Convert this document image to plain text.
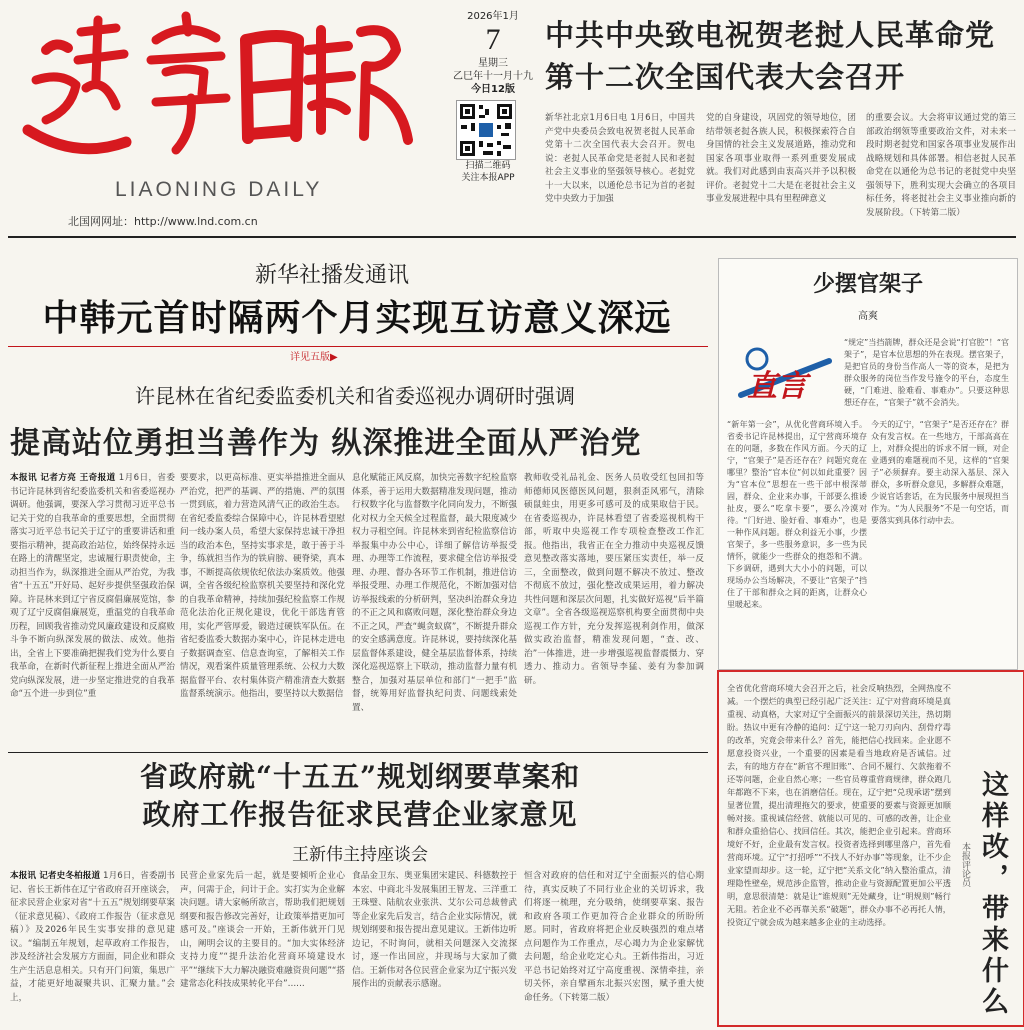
LIAONING DAILY
北国网网址：http://www.lnd.com.cn
2026年1月
7
星期三
乙巳年十一月十九
今日12版
扫描二维码
关注本报APP
中共中央致电祝贺老挝人民革命党
第十二次全国代表大会召开
新华社北京1月6日电 1月6日，中国共产党中央委员会致电祝贺老挝人民革命党第十二次全国代表大会召开。贺电说：老挝人民革命党是老挝人民和老挝社会主义事业的坚强领导核心。老挝党十一大以来，以通伦总书记为首的老挝党中央致力于加强
党的自身建设，巩固党的领导地位，团结带领老挝各族人民，积极探索符合自身国情的社会主义发展道路，推动党和国家各项事业取得一系列重要发展成就。我们对此感到由衷高兴并予以积极评价。老挝党十二大是在老挝社会主义事业发展进程中具有里程碑意义
的重要会议。大会将审议通过党的第三部政治纲领等重要政治文件，对未来一段时期老挝党和国家各项事业发展作出战略规划和具体部署。相信老挝人民革命党在以通伦为总书记的老挝党中央坚强领导下，胜利实现大会确立的各项目标任务，将老挝社会主义事业推向新的发展阶段。（下转第二版）
新华社播发通讯
中韩元首时隔两个月实现互访意义深远
详见五版▶
许昆林在省纪委监委机关和省委巡视办调研时强调
提高站位勇担当善作为 纵深推进全面从严治党
本报讯 记者方亮 王奇报道 1月6日，省委书记许昆林到省纪委监委机关和省委巡视办调研。他强调，要深入学习贯彻习近平总书记关于党的自我革命的重要思想，全面贯彻落实习近平总书记关于辽宁的重要讲话和重要指示精神，提高政治站位，始终保持永远在路上的清醒坚定，忠诚履行职责使命，主动担当作为，纵深推进全面从严治党，为我省“十五五”开好局、起好步提供坚强政治保障。许昆林来到辽宁省反腐倡廉展览馆，参观了辽宁反腐倡廉展览，重温党的自我革命历程，回顾我省推动党风廉政建设和反腐败斗争不断向纵深发展的做法、成效。他指出，全省上下要准确把握我们党为什么要自我革命，在新时代新征程上推进全面从严治党向纵深发展，进一步坚定推进党的自我革命“五个进一步到位”重
要要求，以更高标准、更实举措推进全面从严治党，把严的基调、严的措施、严的氛围一贯到底，着力营造风清气正的政治生态。在省纪委监委综合保障中心，许昆林看望慰问一线办案人员，希望大家保持忠诚干净担当的政治本色，坚持实事求是，敢于善于斗争，练就担当作为的铁肩膀、硬脊梁，真本事，不断提高依规依纪依法办案质效。他强调，全省各级纪检监察机关要坚持和深化党的自我革命精神，持续加强纪检监察工作规范化法治化正规化建设，优化干部选育管用，实化严管厚爱，锻造过硬铁军队伍。在省纪委监委大数据办案中心，许昆林走进电子数据调查室、信息查询室，了解相关工作情况，观看案件质量管理系统、公权力大数据监督平台、农村集体资产精准清查大数据监督系统演示。他指出，要坚持以大数据信
息化赋能正风反腐，加快完善数字纪检监察体系，善于运用大数据精准发现问题，推动行权数字化与监督数字化同向发力，不断强化对权力全天候全过程监督，最大限度减少权力寻租空间。许昆林来到省纪检监察信访举报集中办公中心，详细了解信访举报受理、办理等工作流程，要求健全信访举报受理、办理、督办各环节工作机制，推进信访举报受理、办理工作规范化，不断加强对信访举报线索的分析研判，坚决纠治群众身边的不正之风和腐败问题，深化整治群众身边不正之风，严查“蝇贪蚁腐”，不断提升群众的安全感满意度。许昆林说，要持续深化基层监督体系建设，健全基层监督体系，持续深化巡视巡察上下联动，推动监督力量有机整合，加强对基层单位和部门“一把手”监督，统筹用好监督执纪问责、问题线索处置、
教师收受礼品礼金、医务人员收受红包回扣等师德师风医德医风问题，狠刹歪风邪气，清除硕鼠蛀虫，用更多可感可及的成果取信于民。在省委巡视办，许昆林看望了省委巡视机构干部，听取中央巡视工作专项检查整改工作汇报。他指出，我省正在全力推动中央巡视反馈意见整改落实落地，要压紧压实责任，举一反三，全面整改，做到问题不解决不放过、整改不彻底不放过，强化整改成果运用，着力解决共性问题和深层次问题，扎实做好巡视“后半篇文章”。全省各级巡视巡察机构要全面贯彻中央巡视工作方针，充分发挥巡视利剑作用，做深做实政治监督，精准发现问题，“查、改、治”一体推进，进一步增强巡视监督震慑力、穿透力、推动力。省领导李猛、姜有为参加调研。
省政府就“十五五”规划纲要草案和
政府工作报告征求民营企业家意见
王新伟主持座谈会
本报讯 记者史冬柏报道 1月6日，省委副书记、省长王新伟在辽宁省政府召开座谈会，征求民营企业家对省“十五五”规划纲要草案（征求意见稿）、《政府工作报告（征求意见稿）》及2026年民生实事安排的意见建议。“编制五年规划，起草政府工作报告，涉及经济社会发展方方面面，同企业和群众生产生活息息相关。只有开门问策，集思广益，才能更好地凝聚共识、汇聚力量。”会上，
民营企业家先后一起，就是要倾听企业心声，问需于企，问计于企。实打实为企业解决问题。请大家畅所欲言，帮助我们把规划纲要和报告修改完善好，让政策举措更加可感可及。”座谈会一开始，王新伟就开门见山，阐明会议的主要目的。“加大实体经济支持力度”“提升法治化营商环境建设水平”“继续下大力解决融资难融资贵问题”“搭建常态化科技成果转化平台”……
食品金卫东、奥亚集团宋建民、科德数控于本宏、中商北斗发展集团王智龙、三洋重工王珠璧、陆航农业张洪、艾尔公司总裁曾武等企业家先后发言，结合企业实际情况，就规划纲要和报告提出意见建议。王新伟边听边记，不时询问，就相关问题深入交流探讨，逐一作出回应，并现场与大家加了微信。王新伟对各位民营企业家为辽宁振兴发展作出的贡献表示感谢。
恒含对政府的信任和对辽宁全面振兴的信心期待，真实反映了不同行业企业的关切诉求，我们将逐一梳理，充分吸纳，使纲要草案、报告和政府各项工作更加符合企业群众的所盼所愿。同时，省政府将把企业反映强烈的难点堵点问题作为工作重点，尽心竭力为企业家解忧去问题，给企业吃定心丸。王新伟指出，习近平总书记始终对辽宁高度重视、深情牵挂，亲切关怀，亲自擘画东北振兴宏图，赋予重大使命任务。（下转第二版）
少摆官架子
高爽
直言
“规定”当挡箭牌，群众还是会说“打官腔”！“官架子”，是官本位思想的外在表现。摆官架子，是把官员的身份当作高人一等的资本，是把为群众服务的岗位当作发号施令的平台，态度生硬，“门难进、脸难看、事难办”。只要这种思想还存在，“官架子”就不会消失。
“新年第一会”，从优化营商环境入手。省委书记许昆林提出，辽宁营商环境存在的问题，多数在作风方面。今天的辽宁，“官架子”是否还存在？问题究竟在哪里？整治“官本位”何以如此重要？因为“官本位”思想在一些干部中根深蒂固，群众、企业来办事，干部要么推诿扯皮，要么“吃拿卡要”，要么冷漠对待。“门好进、脸好看、事难办”，也是一种作风问题。群众利益无小事，少摆官架子，多一些服务意识，多一些为民情怀，就能少一些群众的抱怨和不满。下乡调研，遇到大大小小的问题，可以现场办公当场解决，不要让“官架子”挡住了干部和群众之间的距离，让群众心里暖起来。
今天的辽宁，“官架子”是否还存在？群众有发言权。在一些地方，干部高高在上，对群众提出的诉求不屑一顾，对企业遇到的难题视而不见，这样的“官架子”必须摒弃。要主动深入基层、深入群众，多听群众意见，多解群众难题，少说官话套话，在为民服务中展现担当作为。“为人民服务”不是一句空话，而要落实到具体行动中去。
全省优化营商环境大会召开之后，社会反响热烈，全网热度不减。一个摆烂的典型已经引起广泛关注：辽宁对营商环境是真重视、动真格，大家对辽宁全面振兴的前景深切关注，热切期盼。热议中更有冷静的追问：辽宁这一轮刀刃向内、刮骨疗毒的改革，究竟会带来什么？首先，能把信心找回来。企业愿不愿意投资兴业，一个重要的因素是看当地政府是否诚信。过去，有的地方存在“新官不理旧账”、合同不履行、欠款拖着不还等问题，企业自然心寒；一些官员尊重营商规律，群众跑几年都跑不下来，也在消磨信任。现在，辽宁把“兑现承诺”摆到显著位置，提出清理拖欠的要求，使重要的要素与资源更加顺畅对接。重视诚信经营、就能以可见的、可感的改善，让企业和群众重拾信心、找回信任。其次，能把企业引起来。营商环境好不好，企业最有发言权。投资者选择到哪里落户，首先看营商环境。辽宁“打招呼”“不找人不好办事”等现象，让不少企业家望而却步。这一轮，辽宁把“关系文化”纳入整治重点，清理隐性壁垒，规范涉企监管，推动企业与资源配置更加公平透明，意思很清楚：就是让“谁规则”无处藏身，让“明规则”畅行无阻。若企业不必再靠关系“破题”，群众办事不必再托人情，投资辽宁就会成为越来越多企业的主动选择。	这样改，带来什么
本报评论员
